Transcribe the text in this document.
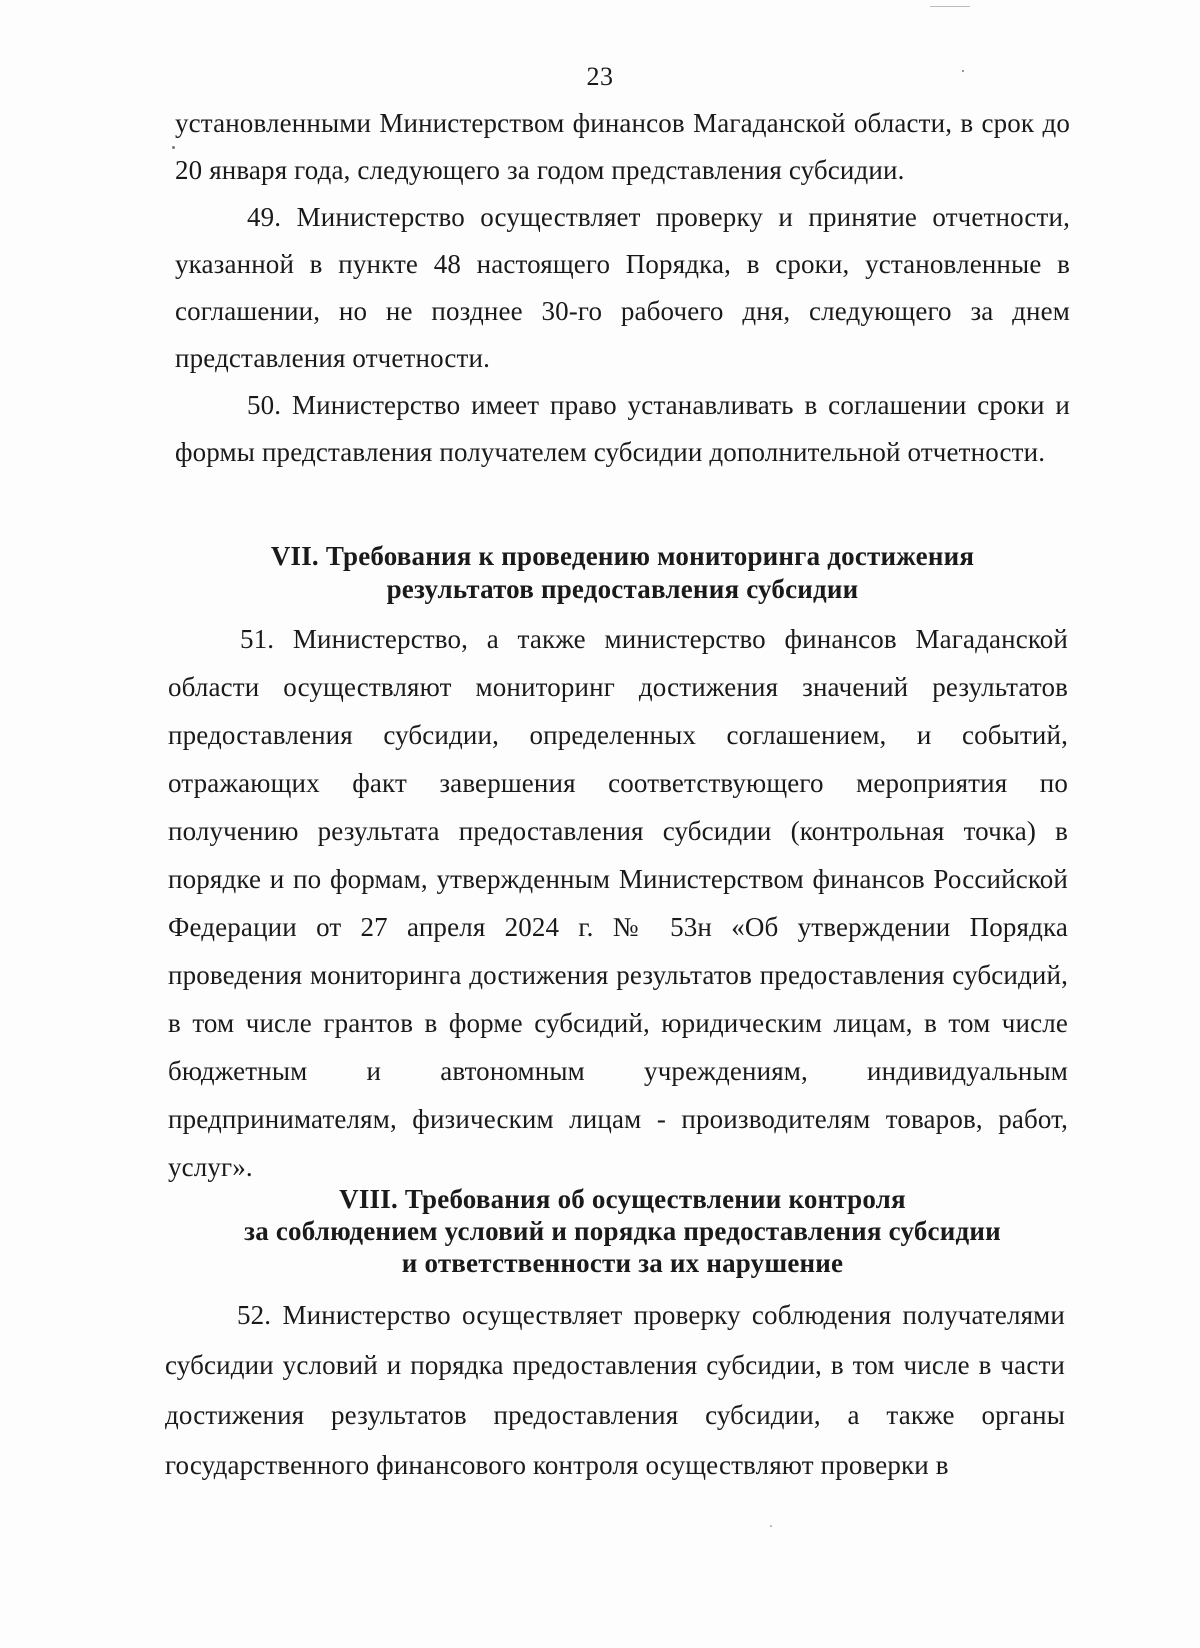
23

установленными Министерством финансов Магаданской области, в срок до 20 января года, следующего за годом представления субсидии.

49. Министерство осуществляет проверку и принятие отчетности, указанной в пункте 48 настоящего Порядка, в сроки, установленные в соглашении, но не позднее 30-го рабочего дня, следующего за днем представления отчетности.

50. Министерство имеет право устанавливать в соглашении сроки и формы представления получателем субсидии дополнительной отчетности.

VII. Требования к проведению мониторинга достижения
результатов предоставления субсидии

51. Министерство, а также министерство финансов Магаданской области осуществляют мониторинг достижения значений результатов предоставления субсидии, определенных соглашением, и событий, отражающих факт завершения соответствующего мероприятия по получению результата предоставления субсидии (контрольная точка) в порядке и по формам, утвержденным Министерством финансов Российской Федерации от 27 апреля 2024 г. № 53н «Об утверждении Порядка проведения мониторинга достижения результатов предоставления субсидий, в том числе грантов в форме субсидий, юридическим лицам, в том числе бюджетным и автономным учреждениям, индивидуальным предпринимателям, физическим лицам - производителям товаров, работ, услуг».

VIII. Требования об осуществлении контроля
за соблюдением условий и порядка предоставления субсидии
и ответственности за их нарушение

52. Министерство осуществляет проверку соблюдения получателями субсидии условий и порядка предоставления субсидии, в том числе в части достижения результатов предоставления субсидии, а также органы государственного финансового контроля осуществляют проверки в
